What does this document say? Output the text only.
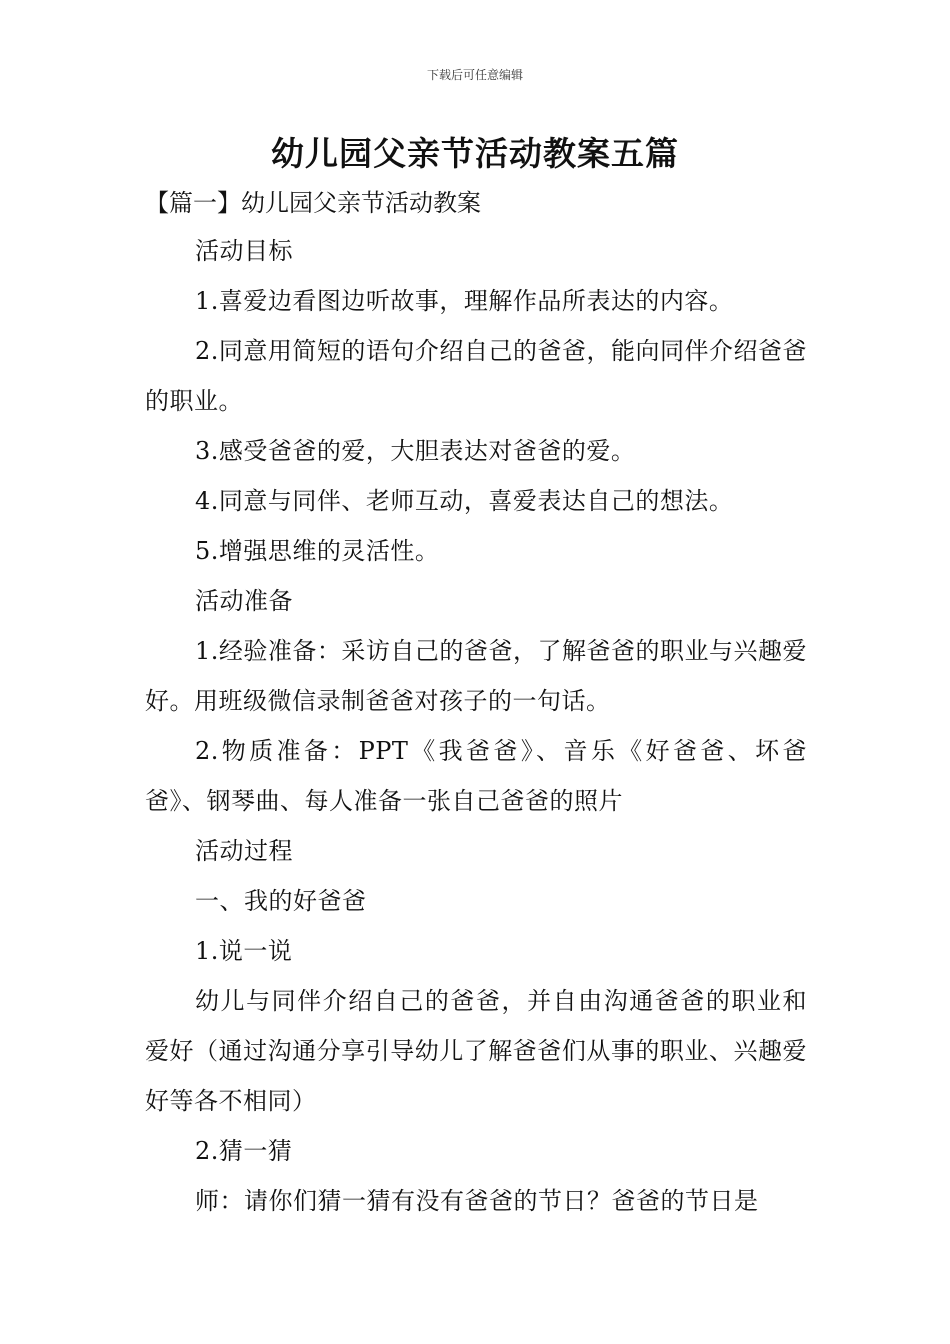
下载后可任意编辑
幼儿园父亲节活动教案五篇
【篇一】幼儿园父亲节活动教案

活动目标

1.喜爱边看图边听故事，理解作品所表达的内容。

2.同意用简短的语句介绍自己的爸爸，能向同伴介绍爸爸的职业。

3.感受爸爸的爱，大胆表达对爸爸的爱。

4.同意与同伴、老师互动，喜爱表达自己的想法。

5.增强思维的灵活性。

活动准备

1.经验准备：采访自己的爸爸，了解爸爸的职业与兴趣爱好。用班级微信录制爸爸对孩子的一句话。

2.物质准备：PPT《我爸爸》、音乐《好爸爸、坏爸爸》、钢琴曲、每人准备一张自己爸爸的照片

活动过程

一、我的好爸爸

1.说一说

幼儿与同伴介绍自己的爸爸，并自由沟通爸爸的职业和爱好（通过沟通分享引导幼儿了解爸爸们从事的职业、兴趣爱好等各不相同）

2.猜一猜

师：请你们猜一猜有没有爸爸的节日？爸爸的节日是
